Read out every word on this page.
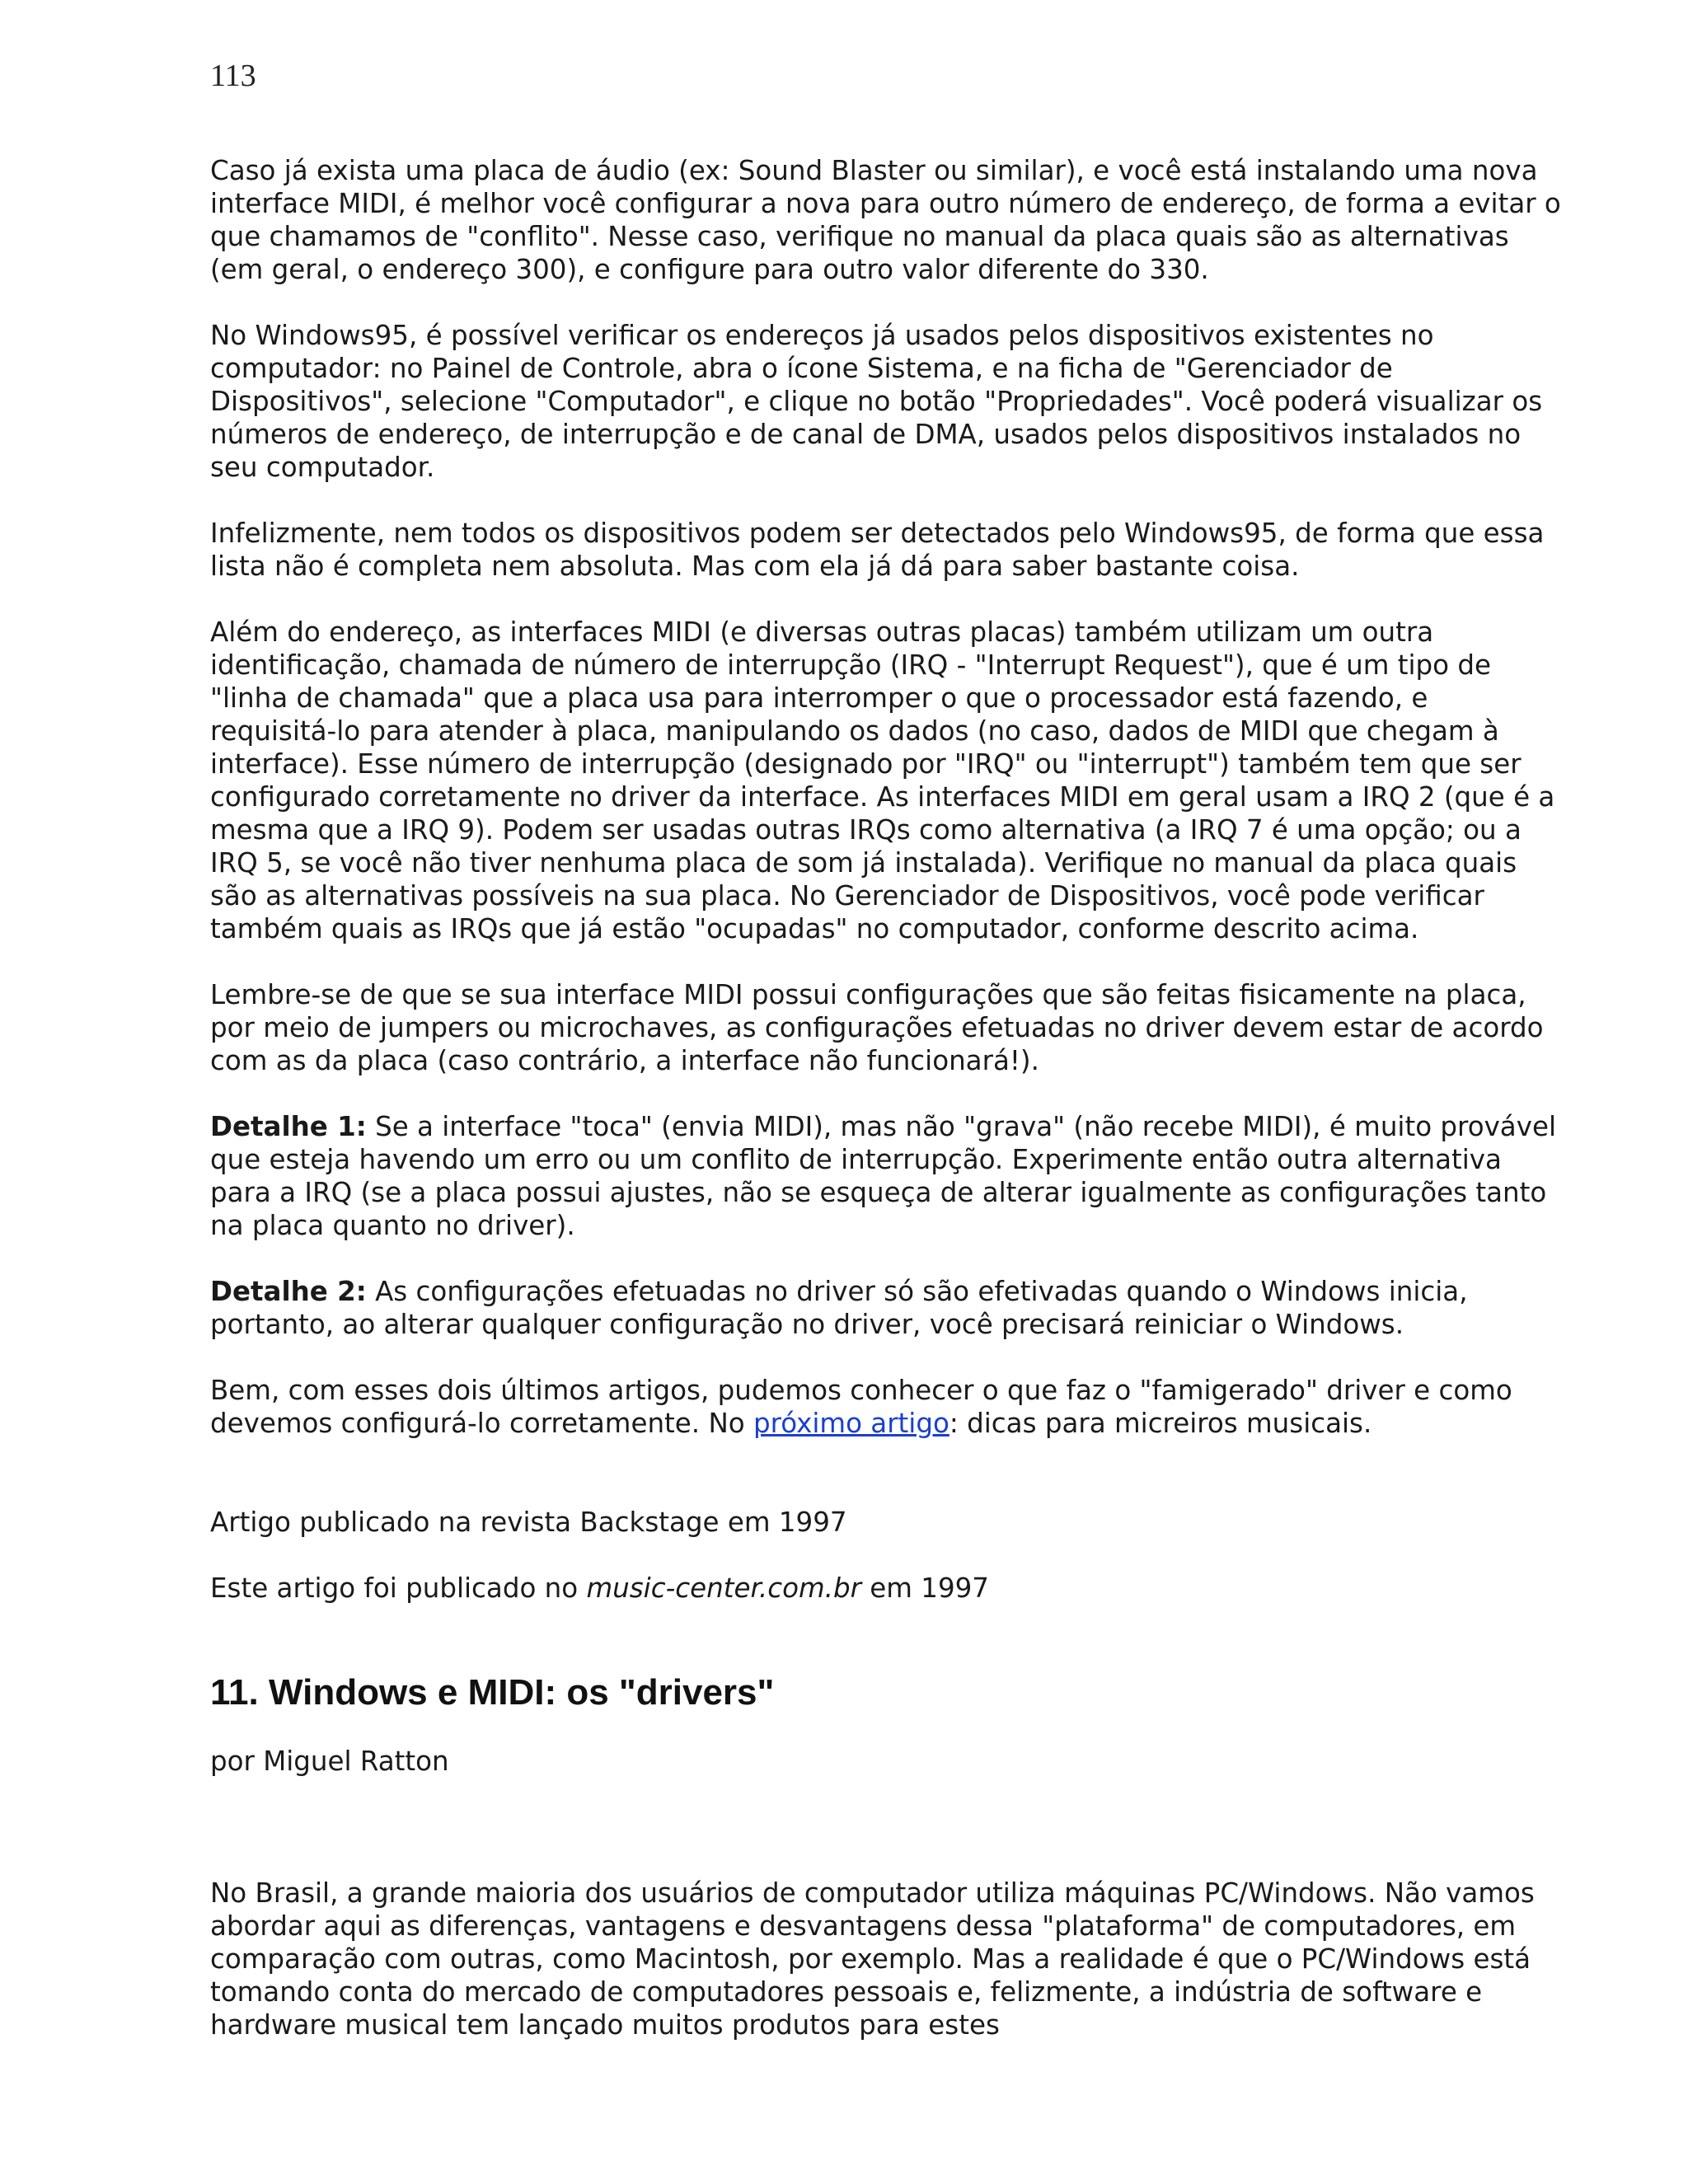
113

Caso já exista uma placa de áudio (ex: Sound Blaster ou similar), e você está instalando uma nova interface MIDI, é melhor você configurar a nova para outro número de endereço, de forma a evitar o que chamamos de "conflito". Nesse caso, verifique no manual da placa quais são as alternativas (em geral, o endereço 300), e configure para outro valor diferente do 330.

No Windows95, é possível verificar os endereços já usados pelos dispositivos existentes no computador: no Painel de Controle, abra o ícone Sistema, e na ficha de "Gerenciador de Dispositivos", selecione "Computador", e clique no botão "Propriedades". Você poderá visualizar os números de endereço, de interrupção e de canal de DMA, usados pelos dispositivos instalados no seu computador.

Infelizmente, nem todos os dispositivos podem ser detectados pelo Windows95, de forma que essa lista não é completa nem absoluta. Mas com ela já dá para saber bastante coisa.

Além do endereço, as interfaces MIDI (e diversas outras placas) também utilizam um outra identificação, chamada de número de interrupção (IRQ - "Interrupt Request"), que é um tipo de "linha de chamada" que a placa usa para interromper o que o processador está fazendo, e requisitá-lo para atender à placa, manipulando os dados (no caso, dados de MIDI que chegam à interface). Esse número de interrupção (designado por "IRQ" ou "interrupt") também tem que ser configurado corretamente no driver da interface. As interfaces MIDI em geral usam a IRQ 2 (que é a mesma que a IRQ 9). Podem ser usadas outras IRQs como alternativa (a IRQ 7 é uma opção; ou a IRQ 5, se você não tiver nenhuma placa de som já instalada). Verifique no manual da placa quais são as alternativas possíveis na sua placa. No Gerenciador de Dispositivos, você pode verificar também quais as IRQs que já estão "ocupadas" no computador, conforme descrito acima.

Lembre-se de que se sua interface MIDI possui configurações que são feitas fisicamente na placa, por meio de jumpers ou microchaves, as configurações efetuadas no driver devem estar de acordo com as da placa (caso contrário, a interface não funcionará!).

Detalhe 1: Se a interface "toca" (envia MIDI), mas não "grava" (não recebe MIDI), é muito provável que esteja havendo um erro ou um conflito de interrupção. Experimente então outra alternativa para a IRQ (se a placa possui ajustes, não se esqueça de alterar igualmente as configurações tanto na placa quanto no driver).

Detalhe 2: As configurações efetuadas no driver só são efetivadas quando o Windows inicia, portanto, ao alterar qualquer configuração no driver, você precisará reiniciar o Windows.

Bem, com esses dois últimos artigos, pudemos conhecer o que faz o "famigerado" driver e como devemos configurá-lo corretamente. No próximo artigo: dicas para micreiros musicais.

Artigo publicado na revista Backstage em 1997

Este artigo foi publicado no music-center.com.br em 1997

11. Windows e MIDI: os "drivers"

por Miguel Ratton

No Brasil, a grande maioria dos usuários de computador utiliza máquinas PC/Windows. Não vamos abordar aqui as diferenças, vantagens e desvantagens dessa "plataforma" de computadores, em comparação com outras, como Macintosh, por exemplo. Mas a realidade é que o PC/Windows está tomando conta do mercado de computadores pessoais e, felizmente, a indústria de software e hardware musical tem lançado muitos produtos para estes
